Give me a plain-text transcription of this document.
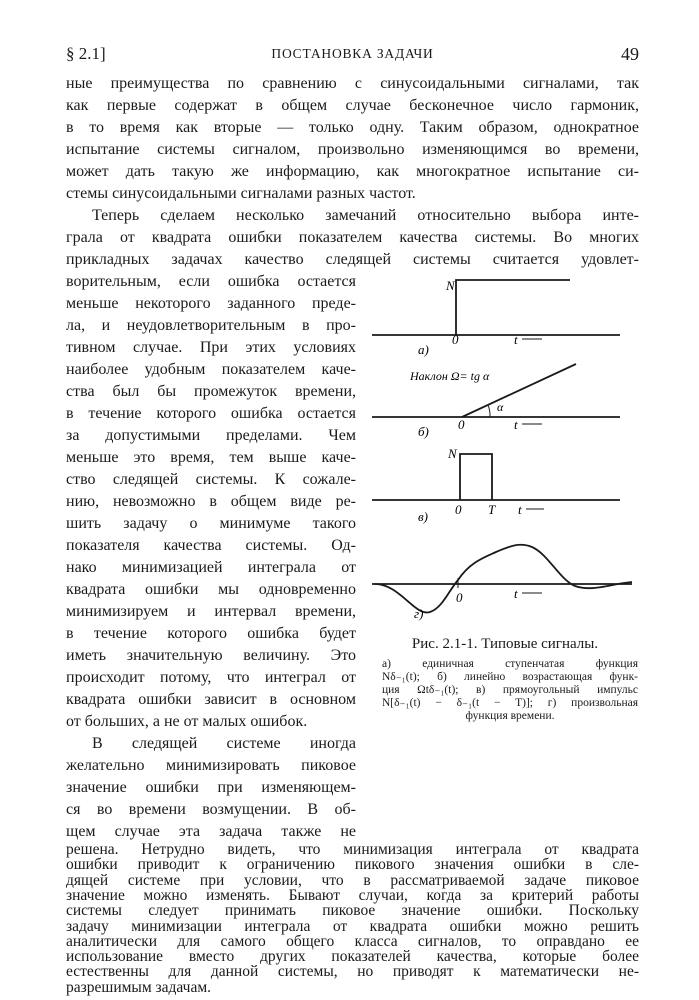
§ 2.1]	ПОСТАНОВКА ЗАДАЧИ	49
ные преимущества по сравнению с синусоидальными сигналами, так
как первые содержат в общем случае бесконечное число гармоник,
в то время как вторые — только одну. Таким образом, однократное
испытание системы сигналом, произвольно изменяющимся во времени,
может дать такую же информацию, как многократное испытание си-
стемы синусоидальными сигналами разных частот.
Теперь сделаем несколько замечаний относительно выбора инте-
грала от квадрата ошибки показателем качества системы. Во многих
прикладных задачах качество следящей системы считается удовлет-
ворительным, если ошибка остается
меньше некоторого заданного преде-
ла, и неудовлетворительным в про-
тивном случае. При этих условиях
наиболее удобным показателем каче-
ства был бы промежуток времени,
в течение которого ошибка остается
за допустимыми пределами. Чем
меньше это время, тем выше каче-
ство следящей системы. К сожале-
нию, невозможно в общем виде ре-
шить задачу о минимуме такого
показателя качества системы. Од-
нако минимизацией интеграла от
квадрата ошибки мы одновременно
минимизируем и интервал времени,
в течение которого ошибка будет
иметь значительную величину. Это
происходит потому, что интеграл от
квадрата ошибки зависит в основном
от больших, а не от малых ошибок.
В следящей системе иногда
желательно минимизировать пиковое
значение ошибки при изменяющем-
ся во времени возмущении. В об-
щем случае эта задача также не
решена. Нетрудно видеть, что минимизация интеграла от квадрата
ошибки приводит к ограничению пикового значения ошибки в сле-
дящей системе при условии, что в рассматриваемой задаче пиковое
значение можно изменять. Бывают случаи, когда за критерий работы
системы следует принимать пиковое значение ошибки. Поскольку
задачу минимизации интеграла от квадрата ошибки можно решить
аналитически для самого общего класса сигналов, то оправдано ее
использование вместо других показателей качества, которые более
естественны для данной системы, но приводят к математически не-
разрешимым задачам.
N
а)
0	t
α
Наклон Ω= tg α
б) 0	t
N
в) 0 T t
г)
0	t
Рис. 2.1-1. Типовые сигналы.
а) единичная ступенчатая функция
Nδ₋₁(t); б) линейно возрастающая функ-
ция Ωtδ₋₁(t); в) прямоугольный импульс
N[δ₋₁(t) − δ₋₁(t − T)]; г) произвольная
функция времени.
